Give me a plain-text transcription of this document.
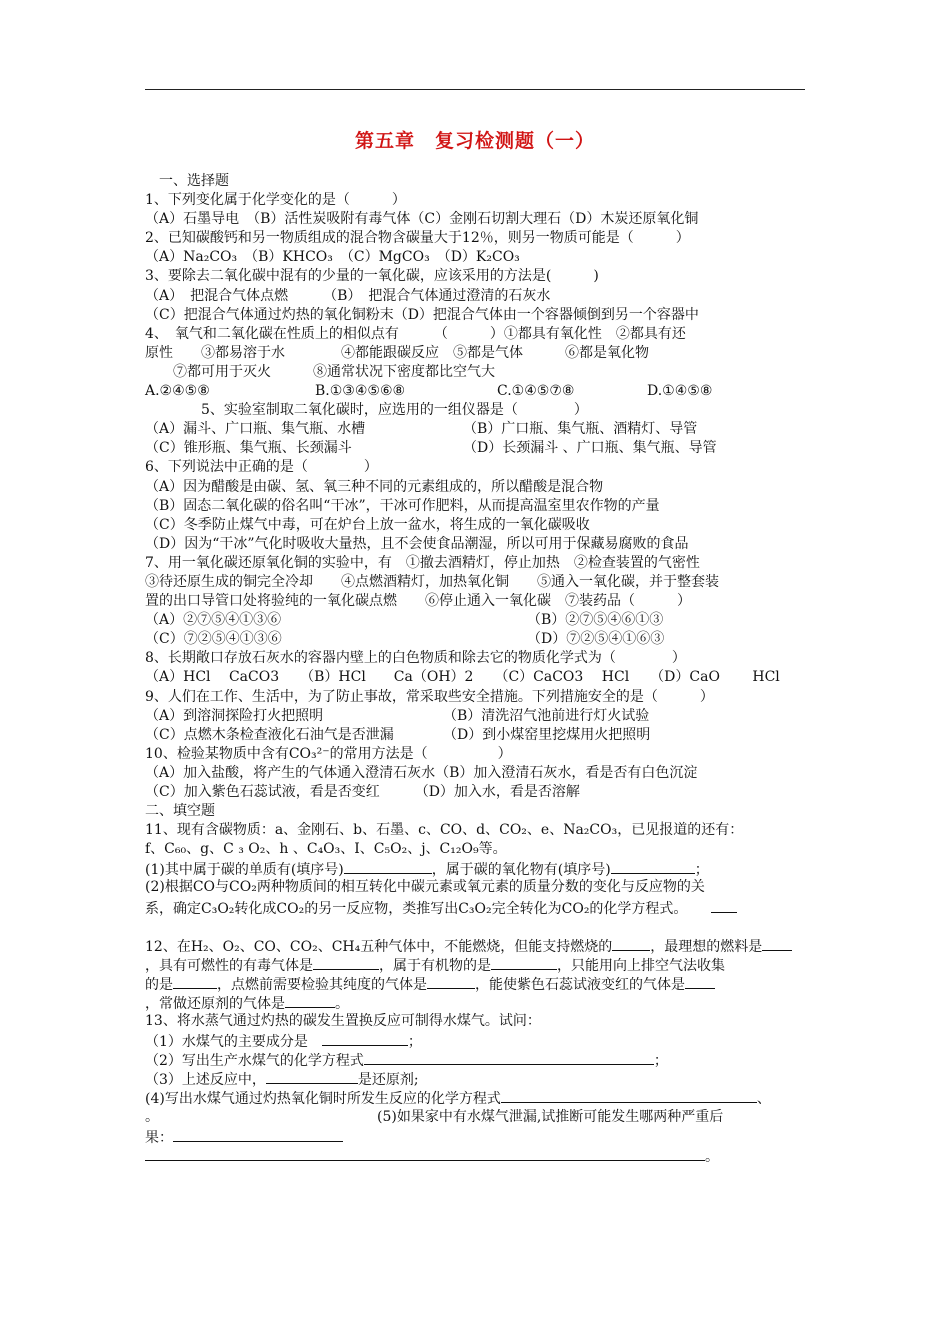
第五章　复习检测题（一）
　一、选择题
1、下列变化属于化学变化的是（　　　）
（A）石墨导电　（B）活性炭吸附有毒气体（C）金刚石切割大理石（D）木炭还原氧化铜
2、已知碳酸钙和另一物质组成的混合物含碳量大于12％，则另一物质可能是（　　　）
（A）Na₂CO₃　（B）KHCO₃　（C）MgCO₃　（D）K₂CO₃
3、要除去二氧化碳中混有的少量的一氧化碳，应该采用的方法是(　　　)
（A）　把混合气体点燃　　　（B）　把混合气体通过澄清的石灰水
（C）把混合气体通过灼热的氧化铜粉末（D）把混合气体由一个容器倾倒到另一个容器中
4、　氧气和二氧化碳在性质上的相似点有　　　（　　　）①都具有氧化性　②都具有还
原性　　③都易溶于水　　　　④都能跟碳反应　⑤都是气体　　　⑥都是氧化物
　　⑦都可用于灭火　　　⑧通常状况下密度都比空气大
A.②④⑤⑧	B.①③④⑤⑥⑧	C.①④⑤⑦⑧	D.①④⑤⑧
　　　　5、实验室制取二氧化碳时，应选用的一组仪器是（　　　　）
（A）漏斗、广口瓶、集气瓶、水槽	（B）广口瓶、集气瓶、酒精灯、导管
（C）锥形瓶、集气瓶、长颈漏斗	（D）长颈漏斗 、广口瓶、集气瓶、导管
6、下列说法中正确的是（　　　　）
（A）因为醋酸是由碳、氢、氧三种不同的元素组成的，所以醋酸是混合物
（B）固态二氧化碳的俗名叫“干冰”，干冰可作肥料，从而提高温室里农作物的产量
（C）冬季防止煤气中毒，可在炉台上放一盆水，将生成的一氧化碳吸收
（D）因为“干冰”气化时吸收大量热，且不会使食品潮湿，所以可用于保藏易腐败的食品
7、用一氧化碳还原氧化铜的实验中，有　①撤去酒精灯，停止加热　②检查装置的气密性
③待还原生成的铜完全冷却　　④点燃酒精灯，加热氧化铜　　⑤通入一氧化碳，并于整套装
置的出口导管口处将验纯的一氧化碳点燃　　⑥停止通入一氧化碳　⑦装药品（　　　）
（A）②⑦⑤④①③⑥	（B）②⑦⑤④⑥①③
（C）⑦②⑤④①③⑥	（D）⑦②⑤④①⑥③
8、长期敞口存放石灰水的容器内壁上的白色物质和除去它的物质化学式为（　　　　）
（A）HCl　 CaCO3　　（B）HCl　　Ca（OH）2　　（C）CaCO3　 HCl　　（D）CaO　　 HCl
9、人们在工作、生活中，为了防止事故，常采取些安全措施。下列措施安全的是（　　　）
（A）到溶洞探险打火把照明	（B）清洗沼气池前进行灯火试验
（C）点燃木条检查液化石油气是否泄漏	（D）到小煤窑里挖煤用火把照明
10、检验某物质中含有CO₃²⁻的常用方法是（　　　　　）
（A）加入盐酸，将产生的气体通入澄清石灰水（B）加入澄清石灰水，看是否有白色沉淀
（C）加入紫色石蕊试液，看是否变红　　　（D）加入水，看是否溶解
二、填空题
11、现有含碳物质：a、金刚石、b、石墨、c、CO、d、CO₂、e、Na₂CO₃，已见报道的还有：
f、C₆₀、g、C ₃ O₂、h 、C₄O₃、I、C₅O₂、j、C₁₂O₉等。
(1)其中属于碳的单质有(填序号)	，属于碳的氧化物有(填序号)	；
(2)根据CO与CO₂两种物质间的相互转化中碳元素或氧元素的质量分数的变化与反应物的关
系，确定C₃O₂转化成CO₂的另一反应物，类推写出C₃O₂完全转化为CO₂的化学方程式。
12、在H₂、O₂、CO、CO₂、CH₄五种气体中，不能燃烧，但能支持燃烧的	，最理想的燃料是
，具有可燃性的有毒气体是	，属于有机物的是	，只能用向上排空气法收集
的是	，点燃前需要检验其纯度的气体是	，能使紫色石蕊试液变红的气体是
，常做还原剂的气体是	。
13、将水蒸气通过灼热的碳发生置换反应可制得水煤气。试问：
（1）水煤气的主要成分是　	；
（2）写出生产水煤气的化学方程式	；
（3）上述反应中，	是还原剂;
(4)写出水煤气通过灼热氧化铜时所发生反应的化学方程式	、
。	(5)如果家中有水煤气泄漏,试推断可能发生哪两种严重后
果：
。
